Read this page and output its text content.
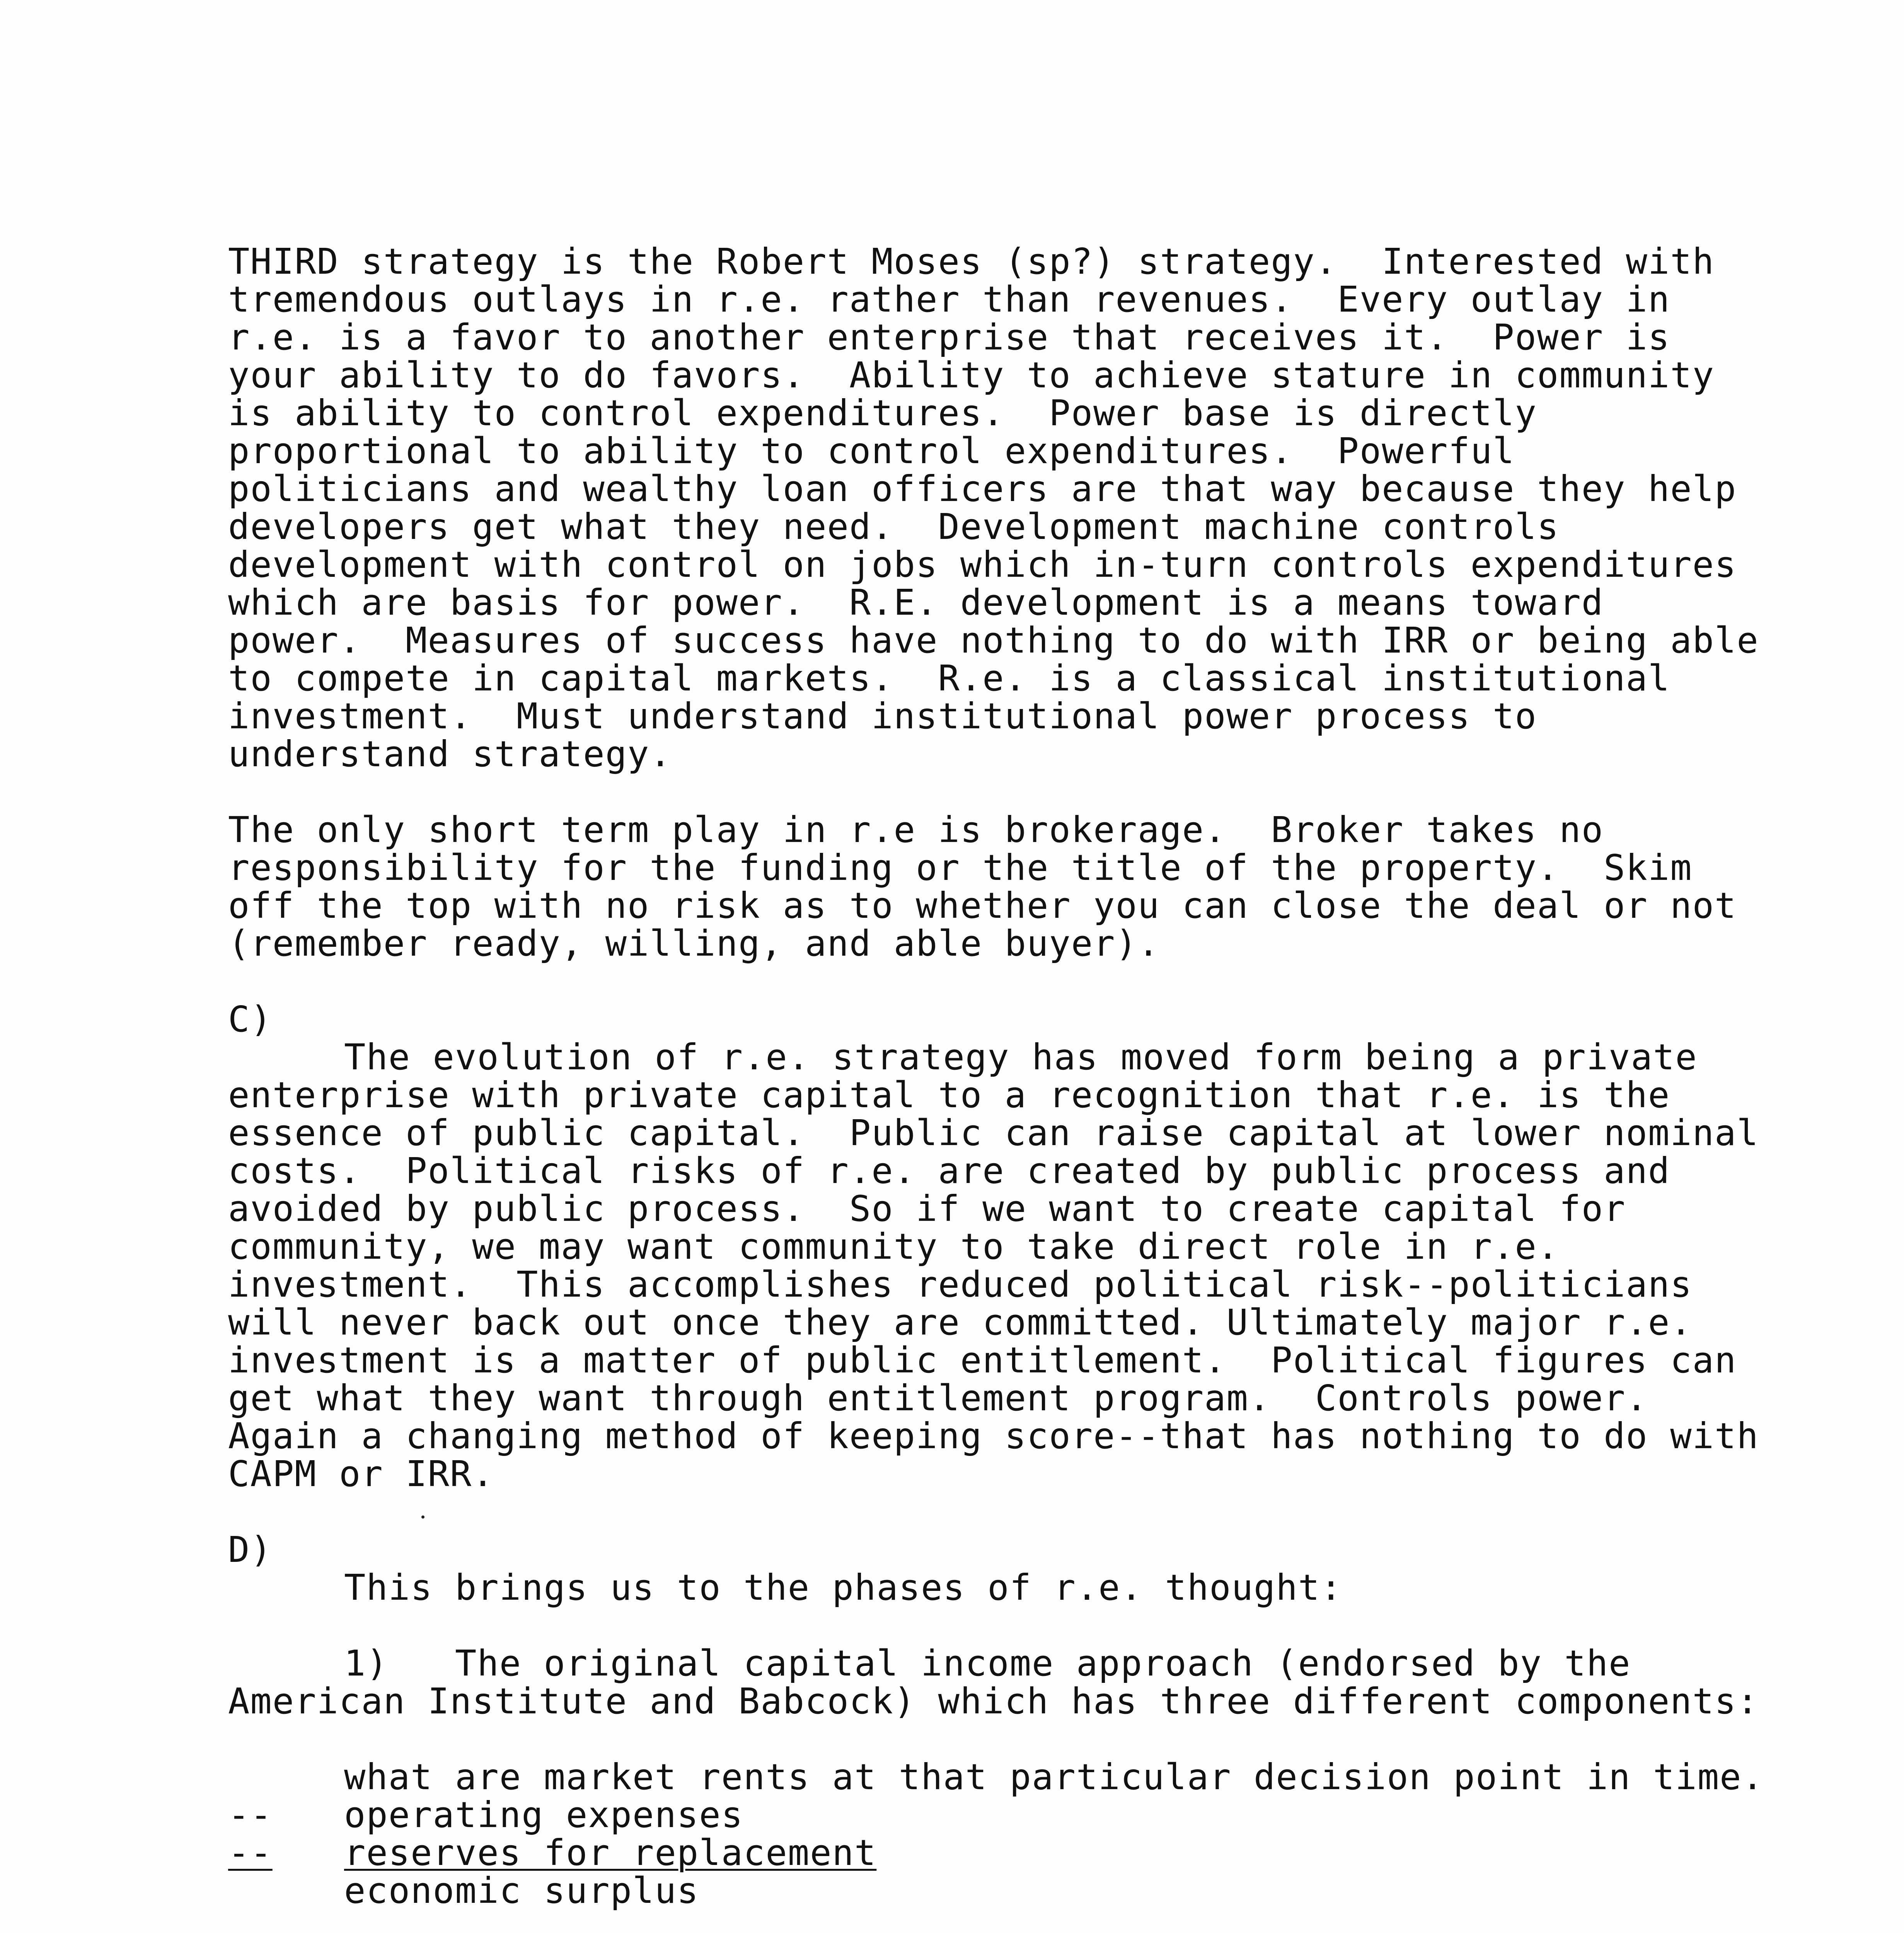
THIRD strategy is the Robert Moses (sp?) strategy.  Interested with
tremendous outlays in r.e. rather than revenues.  Every outlay in
r.e. is a favor to another enterprise that receives it.  Power is
your ability to do favors.  Ability to achieve stature in community
is ability to control expenditures.  Power base is directly
proportional to ability to control expenditures.  Powerful
politicians and wealthy loan officers are that way because they help
developers get what they need.  Development machine controls
development with control on jobs which in-turn controls expenditures
which are basis for power.  R.E. development is a means toward
power.  Measures of success have nothing to do with IRR or being able
to compete in capital markets.  R.e. is a classical institutional
investment.  Must understand institutional power process to
understand strategy.
The only short term play in r.e is brokerage.  Broker takes no
responsibility for the funding or the title of the property.  Skim
off the top with no risk as to whether you can close the deal or not
(remember ready, willing, and able buyer).
C)
The evolution of r.e. strategy has moved form being a private
enterprise with private capital to a recognition that r.e. is the
essence of public capital.  Public can raise capital at lower nominal
costs.  Political risks of r.e. are created by public process and
avoided by public process.  So if we want to create capital for
community, we may want community to take direct role in r.e.
investment.  This accomplishes reduced political risk--politicians
will never back out once they are committed. Ultimately major r.e.
investment is a matter of public entitlement.  Political figures can
get what they want through entitlement program.  Controls power.
Again a changing method of keeping score--that has nothing to do with
CAPM or IRR.
D)
This brings us to the phases of r.e. thought:
1)   The original capital income approach (endorsed by the
American Institute and Babcock) which has three different components:
what are market rents at that particular decision point in time.
-- operating expenses
--	reserves for replacement
economic surplus
